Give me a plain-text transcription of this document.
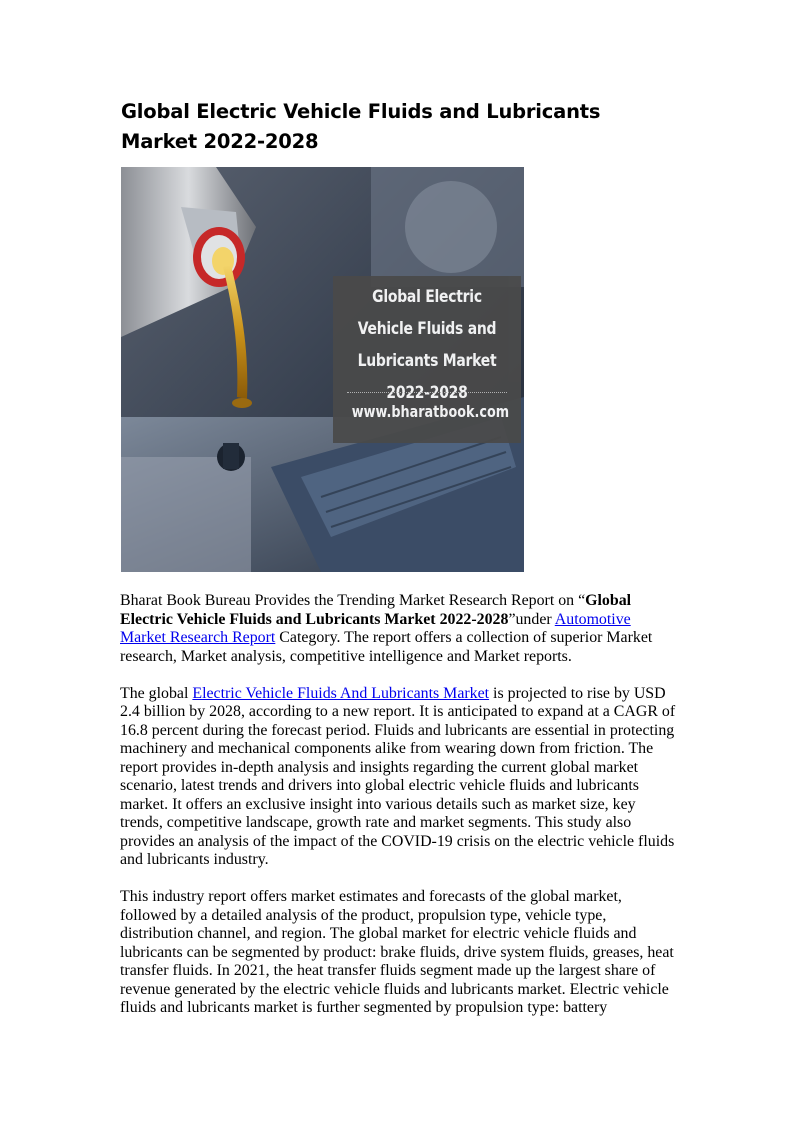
Global Electric Vehicle Fluids and Lubricants Market 2022-2028
Global Electric Vehicle Fluids and Lubricants Market 2022-2028
www.bharatbook.com

Bharat Book Bureau Provides the Trending Market Research Report on “Global Electric Vehicle Fluids and Lubricants Market 2022-2028”under Automotive Market Research Report Category. The report offers a collection of superior Market research, Market analysis, competitive intelligence and Market reports.

The global Electric Vehicle Fluids And Lubricants Market is projected to rise by USD 2.4 billion by 2028, according to a new report. It is anticipated to expand at a CAGR of 16.8 percent during the forecast period. Fluids and lubricants are essential in protecting machinery and mechanical components alike from wearing down from friction. The report provides in-depth analysis and insights regarding the current global market scenario, latest trends and drivers into global electric vehicle fluids and lubricants market. It offers an exclusive insight into various details such as market size, key trends, competitive landscape, growth rate and market segments. This study also provides an analysis of the impact of the COVID-19 crisis on the electric vehicle fluids and lubricants industry.

This industry report offers market estimates and forecasts of the global market, followed by a detailed analysis of the product, propulsion type, vehicle type, distribution channel, and region. The global market for electric vehicle fluids and lubricants can be segmented by product: brake fluids, drive system fluids, greases, heat transfer fluids. In 2021, the heat transfer fluids segment made up the largest share of revenue generated by the electric vehicle fluids and lubricants market. Electric vehicle fluids and lubricants market is further segmented by propulsion type: battery
